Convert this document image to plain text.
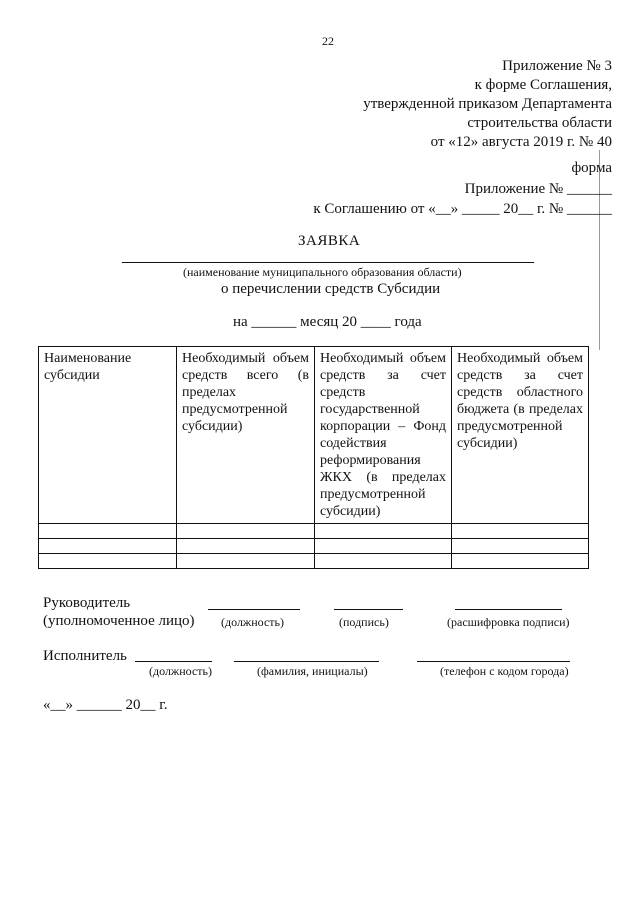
22
Приложение № 3
к форме Соглашения,
утвержденной приказом Департамента
строительства области
от «12» августа 2019 г. № 40
форма
Приложение № ______
к Соглашению от «__» _____ 20__ г. № ______
ЗАЯВКА
(наименование муниципального образования области)
о перечислении средств Субсидии
на ______ месяц 20 ____ года
Наименование субсидии	Необходимый объем средств всего (в пределах предусмотренной субсидии)	Необходимый объем средств за счет средств государственной корпорации – Фонд содействия реформирования ЖКХ (в пределах предусмотренной субсидии)	Необходимый объем средств за счет средств областного бюджета (в пределах предусмотренной субсидии)

Руководитель
(уполномоченное лицо) (должность)	(подпись)	(расшифровка подписи)
Исполнитель
(должность)	(фамилия, инициалы)	(телефон с кодом города)
«__» ______ 20__ г.
